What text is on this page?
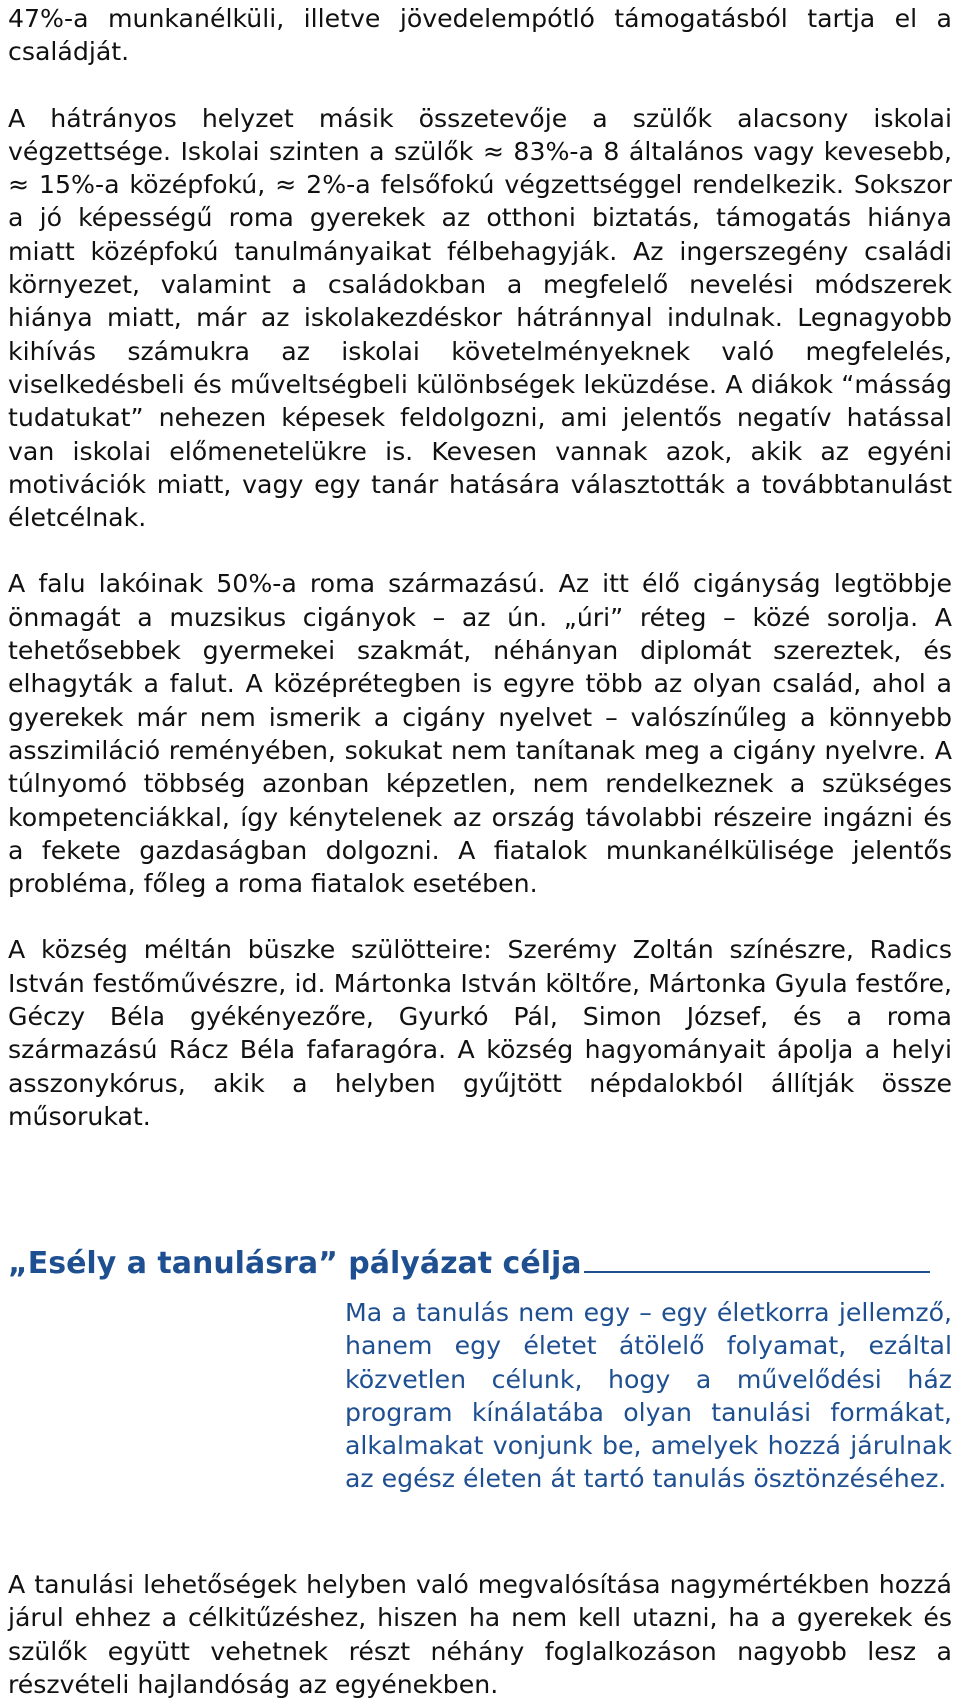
47%-a munkanélküli, illetve jövedelempótló támogatásból tartja el a családját.

A hátrányos helyzet másik összetevője a szülők alacsony iskolai végzettsége. Iskolai szinten a szülők ≈ 83%-a 8 általános vagy kevesebb, ≈ 15%-a középfokú, ≈ 2%-a felsőfokú végzettséggel rendelkezik. Sokszor a jó képességű roma gyerekek az otthoni biztatás, támogatás hiánya miatt középfokú tanulmányaikat félbehagyják. Az ingerszegény családi környezet, valamint a családokban a megfelelő nevelési módszerek hiánya miatt, már az iskolakezdéskor hátránnyal indulnak. Legnagyobb kihívás számukra az iskolai követelményeknek való megfelelés, viselkedésbeli és műveltségbeli különbségek leküzdése. A diákok “másság tudatukat” nehezen képesek feldolgozni, ami jelentős negatív hatással van iskolai előmenetelükre is. Kevesen vannak azok, akik az egyéni motivációk miatt, vagy egy tanár hatására választották a továbbtanulást életcélnak.

A falu lakóinak 50%-a roma származású. Az itt élő cigányság legtöbbje önmagát a muzsikus cigányok – az ún. „úri” réteg – közé sorolja. A tehetősebbek gyermekei szakmát, néhányan diplomát szereztek, és elhagyták a falut. A középrétegben is egyre több az olyan család, ahol a gyerekek már nem ismerik a cigány nyelvet – valószínűleg a könnyebb asszimiláció reményében, sokukat nem tanítanak meg a cigány nyelvre. A túlnyomó többség azonban képzetlen, nem rendelkeznek a szükséges kompetenciákkal, így kénytelenek az ország távolabbi részeire ingázni és a fekete gazdaságban dolgozni. A fiatalok munkanélkülisége jelentős probléma, főleg a roma fiatalok esetében.

A község méltán büszke szülötteire: Szerémy Zoltán színészre, Radics István festőművészre, id. Mártonka István költőre, Mártonka Gyula festőre, Géczy Béla gyékényezőre, Gyurkó Pál, Simon József, és a roma származású Rácz Béla fafaragóra. A község hagyományait ápolja a helyi asszonykórus, akik a helyben gyűjtött népdalokból állítják össze műsorukat.

„Esély a tanulásra” pályázat célja

Ma a tanulás nem egy – egy életkorra jellemző, hanem egy életet átölelő folyamat, ezáltal közvetlen célunk, hogy a művelődési ház program kínálatába olyan tanulási formákat, alkalmakat vonjunk be, amelyek hozzá járulnak az egész életen át tartó tanulás ösztönzéséhez.

A tanulási lehetőségek helyben való megvalósítása nagymértékben hozzá járul ehhez a célkitűzéshez, hiszen ha nem kell utazni, ha a gyerekek és szülők együtt vehetnek részt néhány foglalkozáson nagyobb lesz a részvételi hajlandóság az egyénekben.
